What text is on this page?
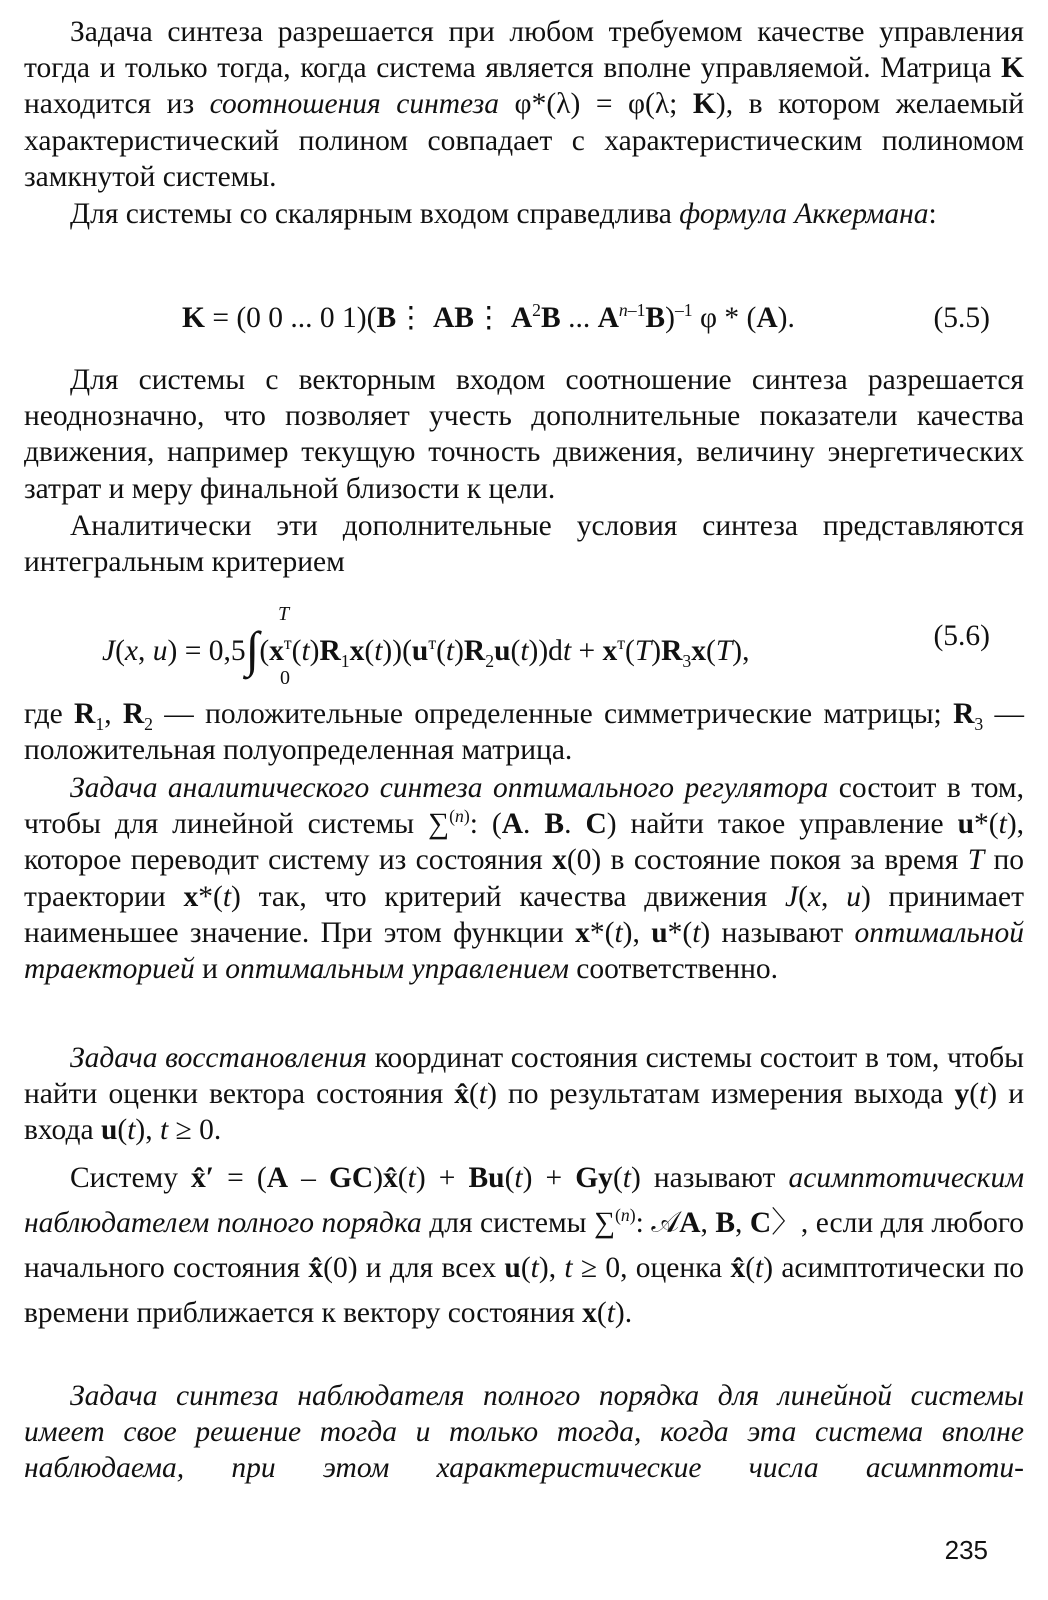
Задача синтеза разрешается при любом требуемом качестве управления тогда и только тогда, когда система является вполне управляемой. Матрица K находится из соотношения синтеза φ*(λ) = φ(λ; K), в котором желаемый характеристический полином совпадает с характеристическим полиномом замкнутой системы.

Для системы со скалярным входом справедлива формула Аккермана:

K = (0 0 ... 0 1)(B⋮ AB⋮ $A^2B$ ... $A^{n-1}B)^{-1}$ φ * (A).	(5.5)

Для системы с векторным входом соотношение синтеза разрешается неоднозначно, что позволяет учесть дополнительные показатели качества движения, например текущую точность движения, величину энергетических затрат и меру финальной близости к цели.

Аналитически эти дополнительные условия синтеза представляются интегральным критерием

T
0
J(x, $u) = 0,5\int(x^т(t)R_1x(t))(u^т(t)R_2u(t))dt + x^т(T)R_3x(T)$,	(5.6)

где $R_1$, $R_2$ — положительные определенные симметрические матрицы; $R_3$ — положительная полуопределенная матрица.

Задача аналитического синтеза оптимального регулятора состоит в том, чтобы для линейной системы ∑$^{(n)}$: (A. B. C) найти такое управление u*(t), которое переводит систему из состояния x(0) в состояние покоя за время T по траектории x*(t) так, что критерий качества движения J(x, u) принимает наименьшее значение. При этом функции x*(t), u*(t) называют оптимальной траекторией и оптимальным управлением соответственно.

Задача восстановления координат состояния системы состоит в том, чтобы найти оценки вектора состояния x̂(t) по результатам измерения выхода y(t) и входа u(t), t ≥ 0.

Систему x̂′ = (A – GC)x̂(t) + Bu(t) + Gy(t) называют асимптотическим наблюдателем полного порядка для системы ∑$^{(n)}$: 𝒜A, B, C〉, если для любого начального состояния x̂(0) и для всех u(t), t ≥ 0, оценка x̂(t) асимптотически по времени приближается к вектору состояния x(t).

Задача синтеза наблюдателя полного порядка для линейной системы имеет свое решение тогда и только тогда, когда эта система вполне наблюдаема, при этом характеристические числа асимптоти-

235
